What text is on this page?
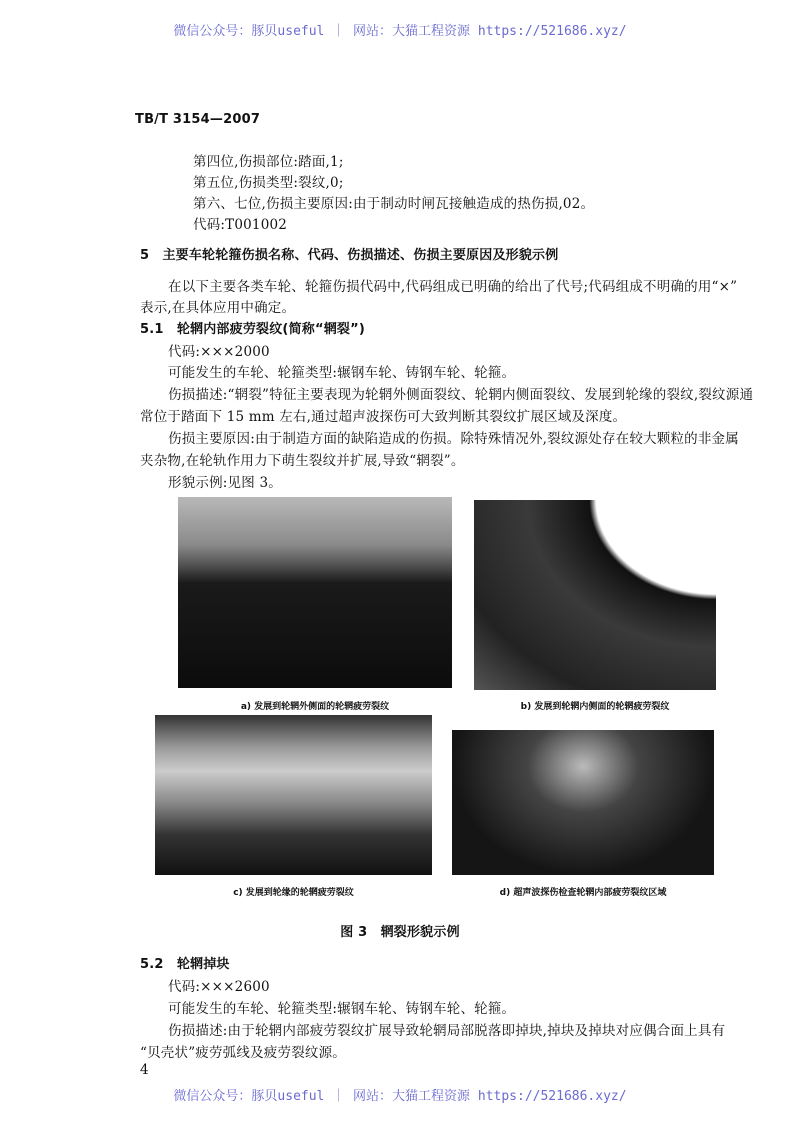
微信公众号：豚贝useful ｜ 网站：大猫工程资源 https://521686.xyz/
TB/T 3154—2007
第四位,伤损部位:踏面,1;
第五位,伤损类型:裂纹,0;
第六、七位,伤损主要原因:由于制动时闸瓦接触造成的热伤损,02。
代码:T001002
5　主要车轮轮箍伤损名称、代码、伤损描述、伤损主要原因及形貌示例
在以下主要各类车轮、轮箍伤损代码中,代码组成已明确的给出了代号;代码组成不明确的用“×”
表示,在具体应用中确定。
5.1　轮辋内部疲劳裂纹(简称“辋裂”)
代码:×××2000
可能发生的车轮、轮箍类型:辗钢车轮、铸钢车轮、轮箍。
伤损描述:“辋裂”特征主要表现为轮辋外侧面裂纹、轮辋内侧面裂纹、发展到轮缘的裂纹,裂纹源通
常位于踏面下 15 mm 左右,通过超声波探伤可大致判断其裂纹扩展区域及深度。
伤损主要原因:由于制造方面的缺陷造成的伤损。除特殊情况外,裂纹源处存在较大颗粒的非金属
夹杂物,在轮轨作用力下萌生裂纹并扩展,导致“辋裂”。
形貌示例:见图 3。
a) 发展到轮辋外侧面的轮辋疲劳裂纹	b) 发展到轮辋内侧面的轮辋疲劳裂纹
c) 发展到轮缘的轮辋疲劳裂纹	d) 超声波探伤检查轮辋内部疲劳裂纹区域
图 3　辋裂形貌示例
5.2　轮辋掉块
代码:×××2600
可能发生的车轮、轮箍类型:辗钢车轮、铸钢车轮、轮箍。
伤损描述:由于轮辋内部疲劳裂纹扩展导致轮辋局部脱落即掉块,掉块及掉块对应偶合面上具有
“贝壳状”疲劳弧线及疲劳裂纹源。
4
微信公众号：豚贝useful ｜ 网站：大猫工程资源 https://521686.xyz/
